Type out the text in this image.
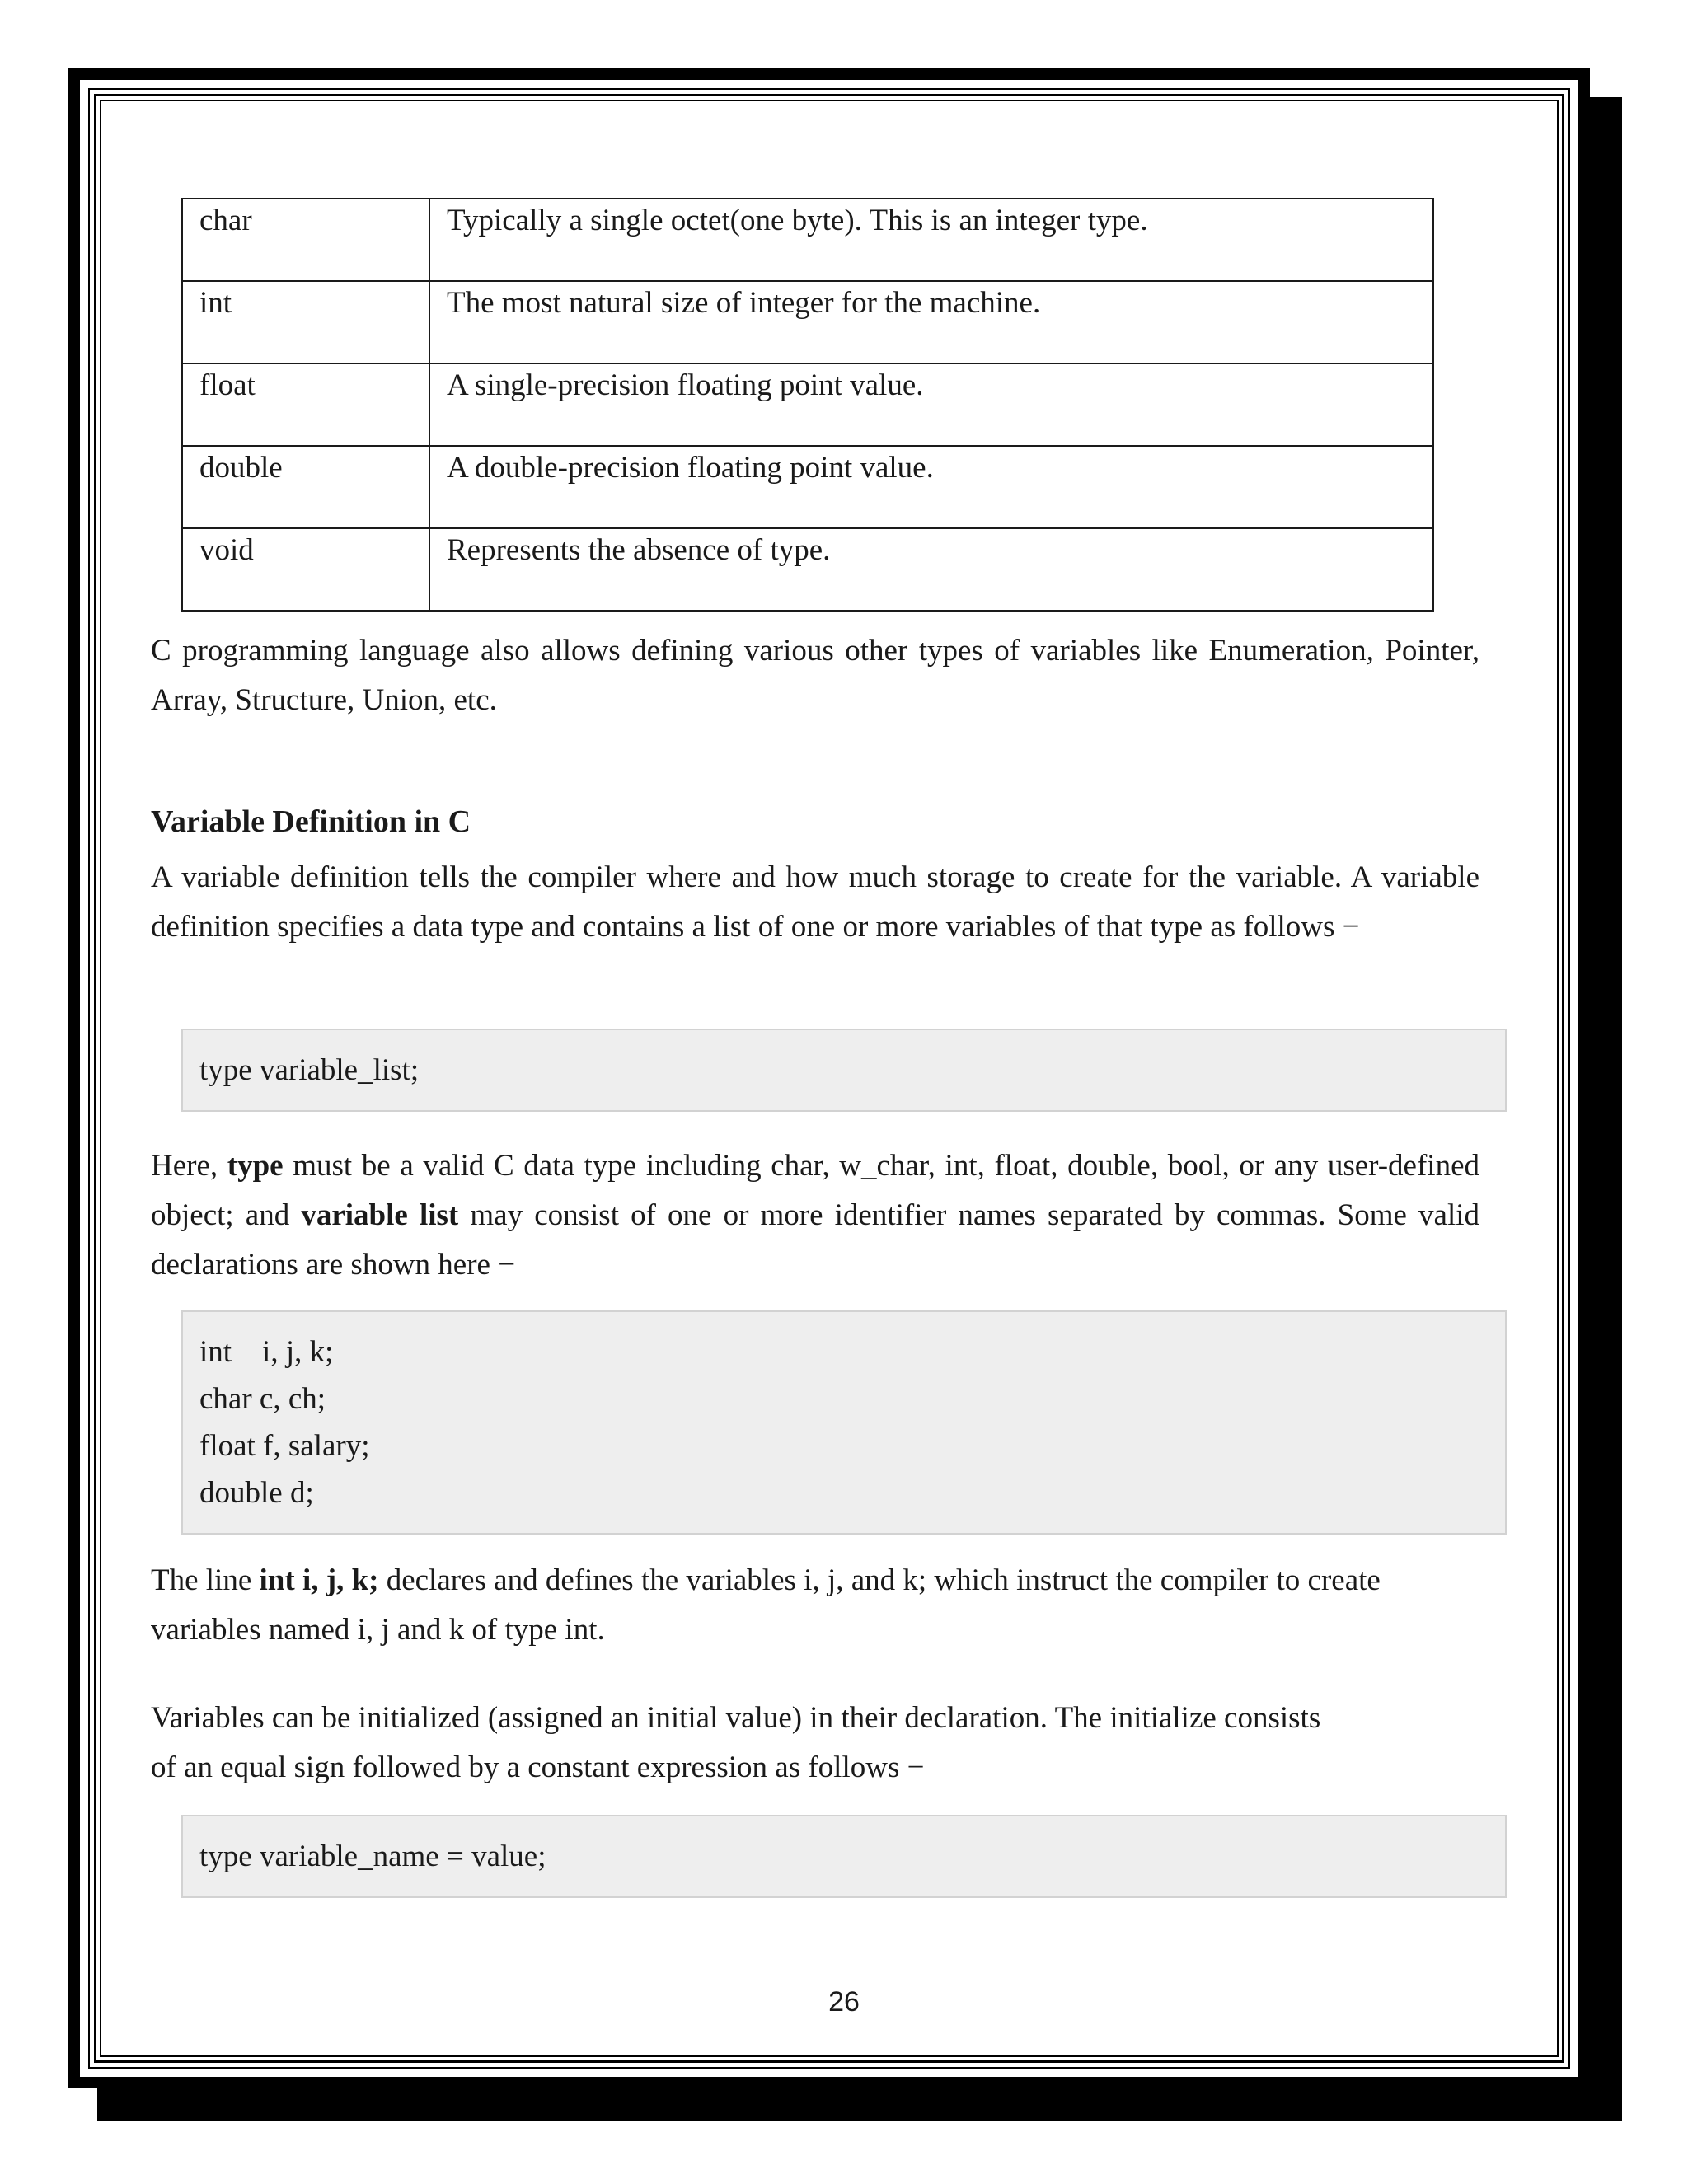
char	Typically a single octet(one byte). This is an integer type.
int	The most natural size of integer for the machine.
float	A single-precision floating point value.
double	A double-precision floating point value.
void	Represents the absence of type.

C programming language also allows defining various other types of variables like Enumeration, Pointer, Array, Structure, Union, etc.

Variable Definition in C

A variable definition tells the compiler where and how much storage to create for the variable. A variable definition specifies a data type and contains a list of one or more variables of that type as follows −

type variable_list;

Here, type must be a valid C data type including char, w_char, int, float, double, bool, or any user-defined object; and variable list may consist of one or more identifier names separated by commas. Some valid declarations are shown here −

int    i, j, k;
char c, ch;
float f, salary;
double d;

The line int i, j, k; declares and defines the variables i, j, and k; which instruct the compiler to create variables named i, j and k of type int.

Variables can be initialized (assigned an initial value) in their declaration. The initialize consists
of an equal sign followed by a constant expression as follows −

type variable_name = value;
26
